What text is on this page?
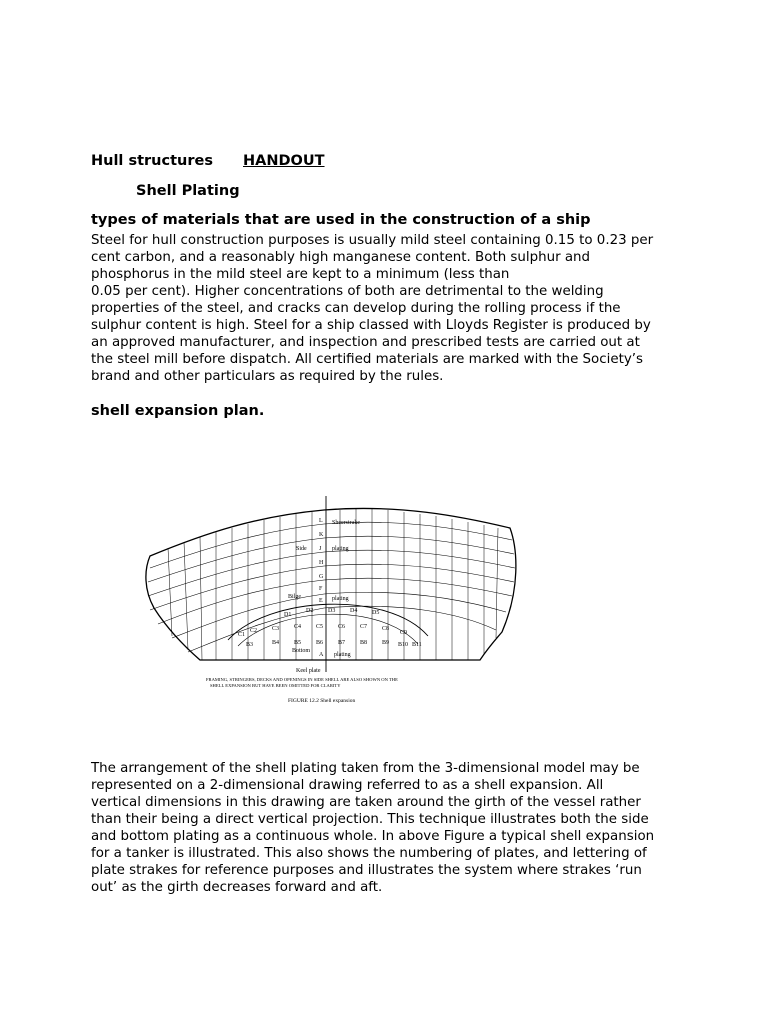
Hull structures HANDOUT
Shell Plating
types of materials that are used in the construction of a ship
Steel for hull construction purposes is usually mild steel containing 0.15 to 0.23 per
cent carbon, and a reasonably high manganese content. Both sulphur and
phosphorus in the mild steel are kept to a minimum (less than
0.05 per cent). Higher concentrations of both are detrimental to the welding
properties of the steel, and cracks can develop during the rolling process if the
sulphur content is high. Steel for a ship classed with Lloyds Register is produced by
an approved manufacturer, and inspection and prescribed tests are carried out at
the steel mill before dispatch. All certified materials are marked with the Society’s
brand and other particulars as required by the rules.
shell expansion plan.
L
K
J
H
G
F
E
A
Sheerstrake
Side	plating
Bilge	plating
Bottom
plating
Keel plate
D1
D2 D3 D4 D5
C1
C2 C3 C4 C5 C6 C7 C8
C9
B3	B4 B5 B6 B7 B8 B9 B10 B11
FRAMING, STRINGERS, DECKS AND OPENINGS IN SIDE SHELL ARE ALSO SHOWN ON THE
SHELL EXPANSION BUT HAVE BEEN OMITTED FOR CLARITY
FIGURE 12.2 Shell expansion
The arrangement of the shell plating taken from the 3-dimensional model may be
represented on a 2-dimensional drawing referred to as a shell expansion. All
vertical dimensions in this drawing are taken around the girth of the vessel rather
than their being a direct vertical projection. This technique illustrates both the side
and bottom plating as a continuous whole. In above Figure a typical shell expansion
for a tanker is illustrated. This also shows the numbering of plates, and lettering of
plate strakes for reference purposes and illustrates the system where strakes ‘run
out’ as the girth decreases forward and aft.
